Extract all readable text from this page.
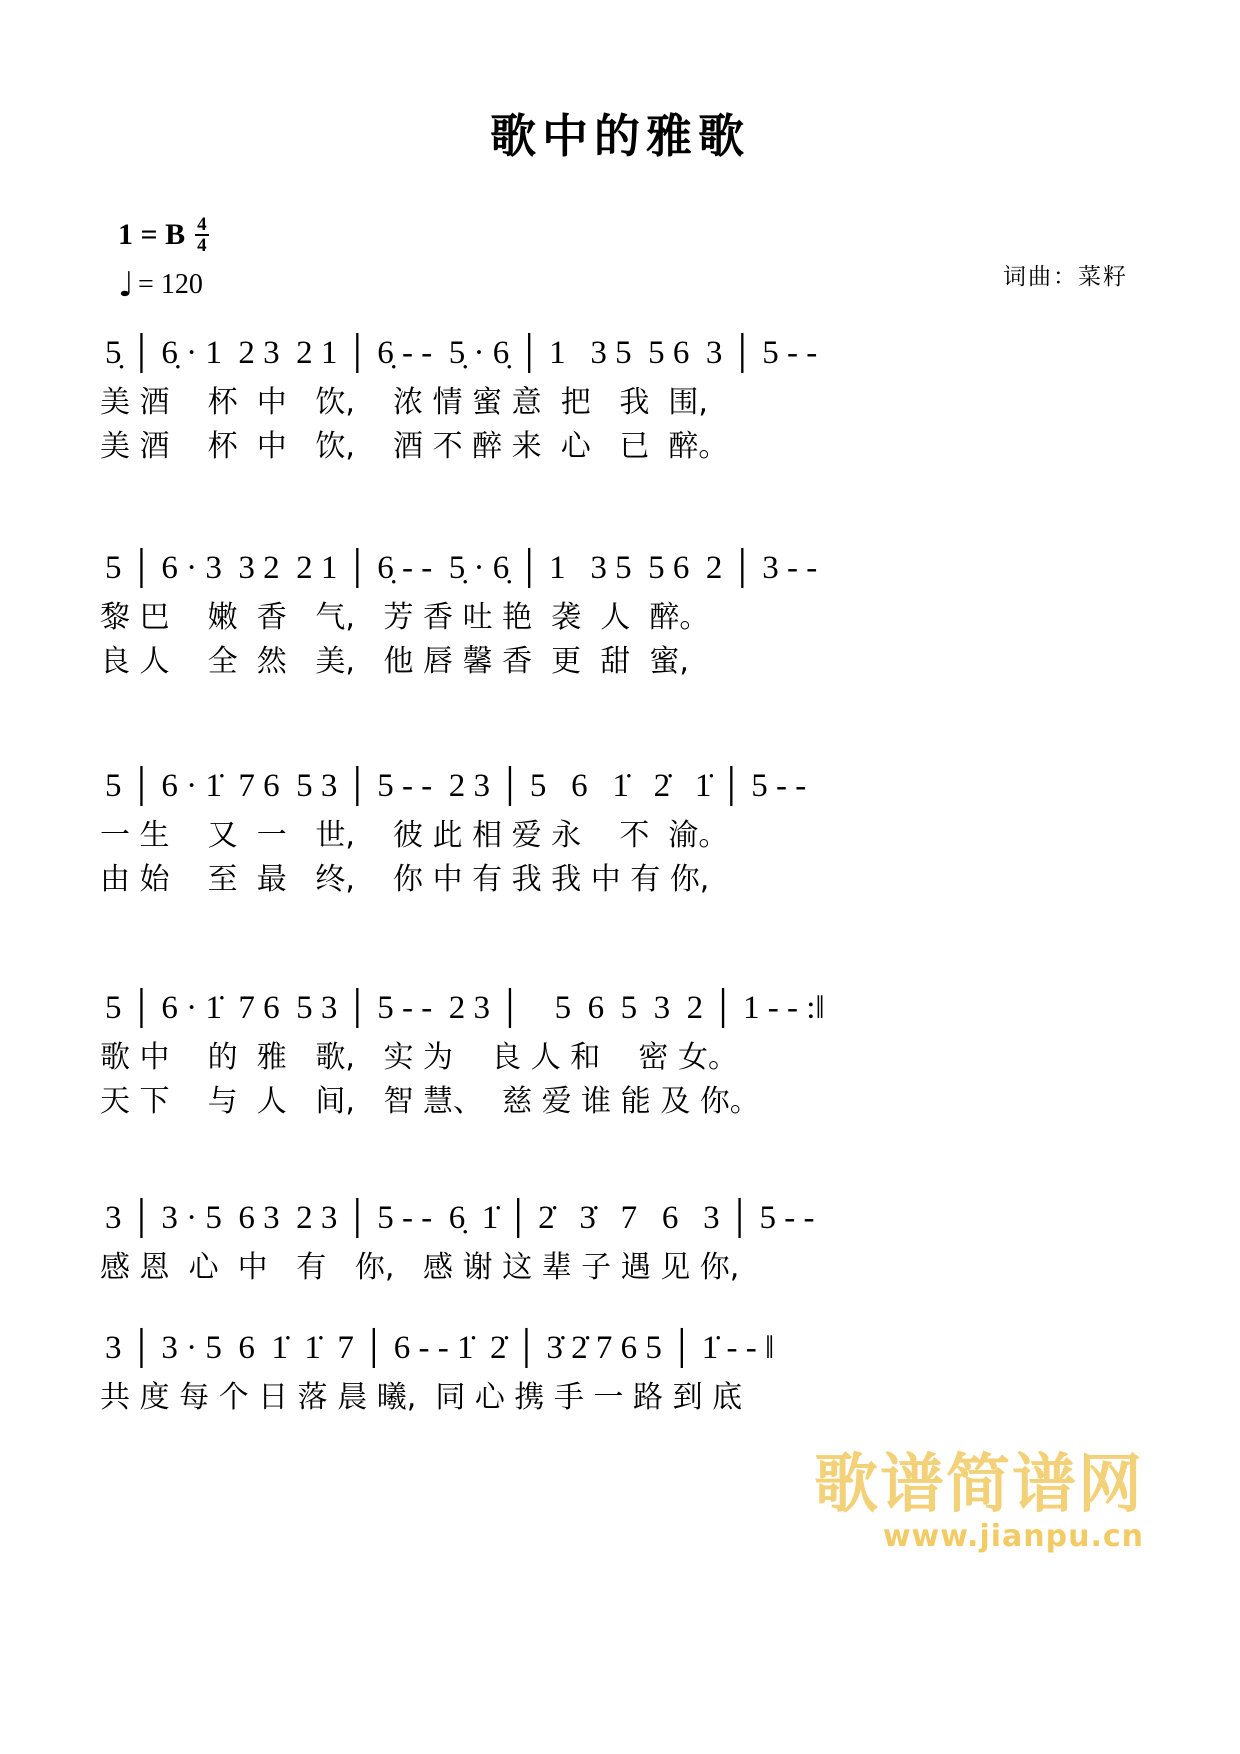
歌中的雅歌
1 = B $\frac{4}{4}$
♩ = 120	词曲：菜籽
5̣ │ 6̣ · 1  2 3  2 1 │ 6̣ - -  5̣ · 6̣ │ 1   3 5  5 6  3 │ 5 - -
美 酒    杯  中   饮,    浓 情 蜜 意  把   我  围,
美 酒    杯  中   饮,    酒 不 醉 来  心   已  醉。
5 │ 6 · 3  3 2  2 1 │ 6̣ - -  5̣ · 6̣ │ 1   3 5  5 6  2 │ 3 - -
黎 巴    嫩  香   气,   芳 香 吐 艳  袭  人  醉。
良 人    全  然   美,   他 唇 馨 香  更  甜  蜜,
5 │ 6 · 1̇  7 6  5 3 │ 5 - -  2 3 │ 5   6   1̇   2̇   1̇ │ 5 - -
一 生    又  一   世,    彼 此 相 爱 永    不  渝。
由 始    至  最   终,    你 中 有 我 我 中 有 你,
5 │ 6 · 1̇  7 6  5 3 │ 5 - -  2 3 │    5  6  5  3  2 │ 1 - - :‖
歌 中    的  雅   歌,   实 为    良 人 和    密 女。
天 下    与  人   间,   智 慧、  慈 爱 谁 能 及 你。
3 │ 3 · 5  6 3  2 3 │ 5 - -  6̣  1̇ │ 2̇   3̇   7   6   3 │ 5 - -
感 恩  心  中   有   你,   感 谢 这 辈 子 遇 见 你,
3 │ 3 · 5  6  1̇  1̇  7 │ 6 - - 1̇  2̇ │ 3̇ 2̇ 7 6 5 │ 1̇ - - ‖
共 度 每 个 日 落 晨 曦,  同 心 携 手 一 路 到 底
歌谱简谱网
www.jianpu.cn
